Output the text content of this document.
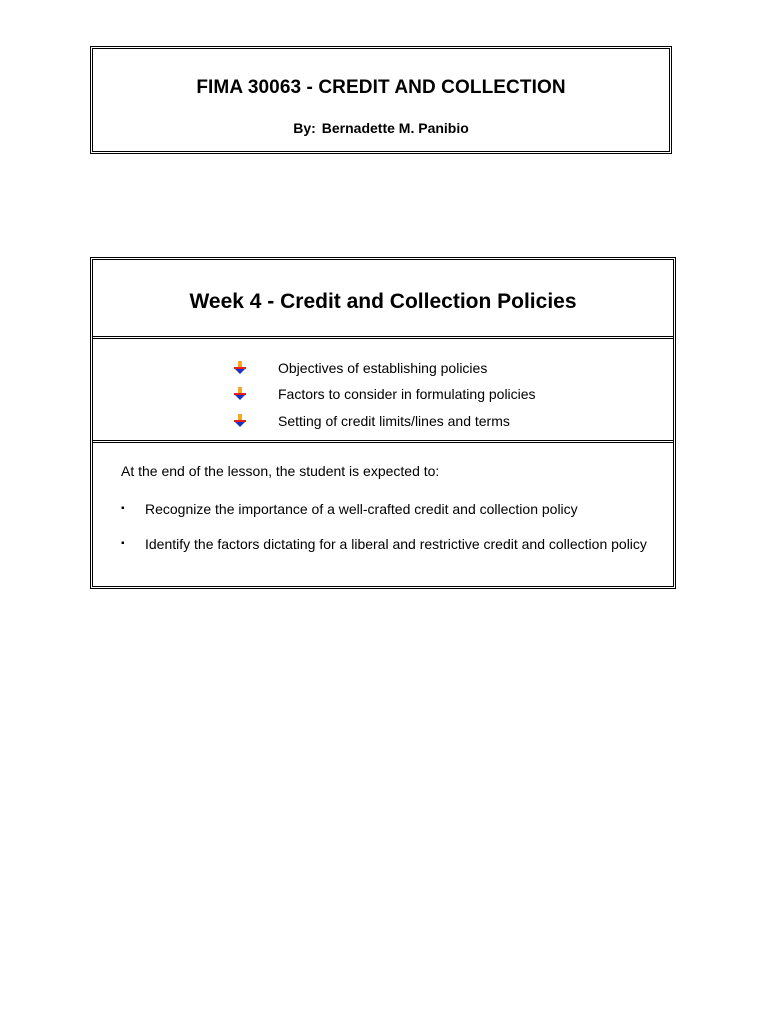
FIMA 30063 - CREDIT AND COLLECTION
By: Bernadette M. Panibio
Week 4 - Credit and Collection Policies
Objectives of establishing policies
Factors to consider in formulating policies
Setting of credit limits/lines and terms
At the end of the lesson, the student is expected to:
▪	Recognize the importance of a well-crafted credit and collection policy
▪	Identify the factors dictating for a liberal and restrictive credit and collection policy
